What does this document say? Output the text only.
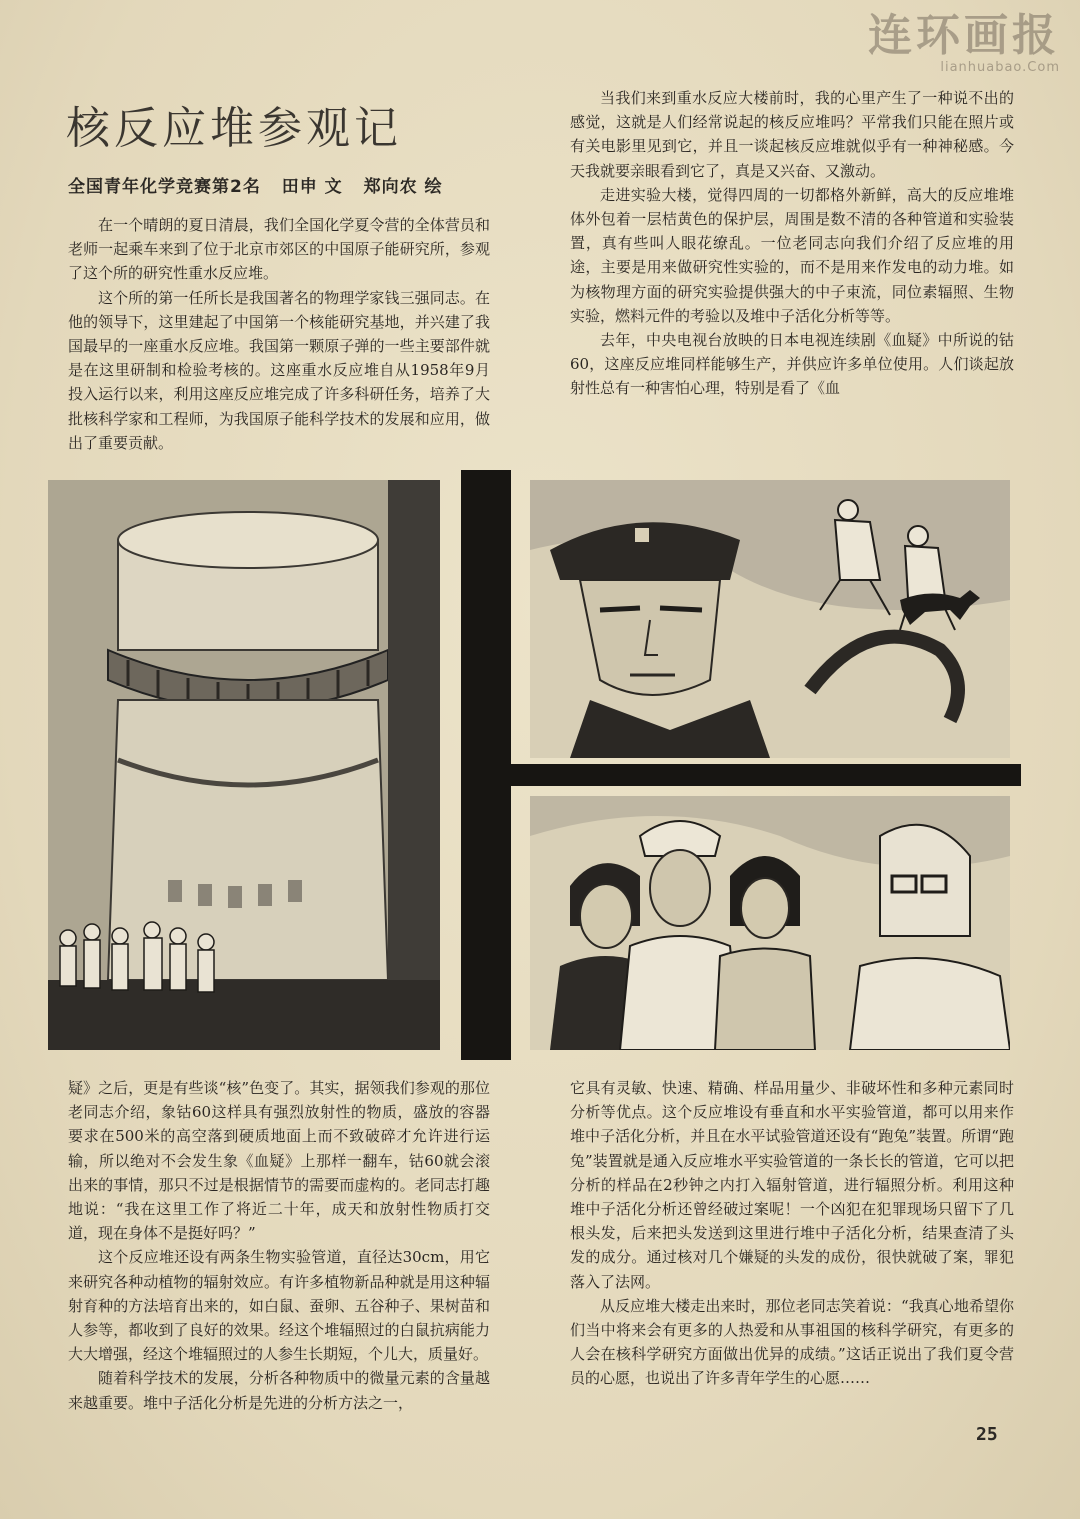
连环画报
lianhuabao.Com
核反应堆参观记
全国青年化学竞赛第2名 田申 文 郑向农 绘

在一个晴朗的夏日清晨，我们全国化学夏令营的全体营员和老师一起乘车来到了位于北京市郊区的中国原子能研究所，参观了这个所的研究性重水反应堆。

这个所的第一任所长是我国著名的物理学家钱三强同志。在他的领导下，这里建起了中国第一个核能研究基地，并兴建了我国最早的一座重水反应堆。我国第一颗原子弹的一些主要部件就是在这里研制和检验考核的。这座重水反应堆自从1958年9月投入运行以来，利用这座反应堆完成了许多科研任务，培养了大批核科学家和工程师，为我国原子能科学技术的发展和应用，做出了重要贡献。

当我们来到重水反应大楼前时，我的心里产生了一种说不出的感觉，这就是人们经常说起的核反应堆吗？平常我们只能在照片或有关电影里见到它，并且一谈起核反应堆就似乎有一种神秘感。今天我就要亲眼看到它了，真是又兴奋、又激动。

走进实验大楼，觉得四周的一切都格外新鲜，高大的反应堆堆体外包着一层桔黄色的保护层，周围是数不清的各种管道和实验装置，真有些叫人眼花缭乱。一位老同志向我们介绍了反应堆的用途，主要是用来做研究性实验的，而不是用来作发电的动力堆。如为核物理方面的研究实验提供强大的中子束流，同位素辐照、生物实验，燃料元件的考验以及堆中子活化分析等等。

去年，中央电视台放映的日本电视连续剧《血疑》中所说的钴60，这座反应堆同样能够生产，并供应许多单位使用。人们谈起放射性总有一种害怕心理，特别是看了《血

疑》之后，更是有些谈“核”色变了。其实，据领我们参观的那位老同志介绍，象钴60这样具有强烈放射性的物质，盛放的容器要求在500米的高空落到硬质地面上而不致破碎才允许进行运输，所以绝对不会发生象《血疑》上那样一翻车，钴60就会滚出来的事情，那只不过是根据情节的需要而虚构的。老同志打趣地说：“我在这里工作了将近二十年，成天和放射性物质打交道，现在身体不是挺好吗？”

这个反应堆还设有两条生物实验管道，直径达30cm，用它来研究各种动植物的辐射效应。有许多植物新品种就是用这种辐射育种的方法培育出来的，如白鼠、蚕卵、五谷种子、果树苗和人参等，都收到了良好的效果。经这个堆辐照过的白鼠抗病能力大大增强，经这个堆辐照过的人参生长期短，个儿大，质量好。

随着科学技术的发展，分析各种物质中的微量元素的含量越来越重要。堆中子活化分析是先进的分析方法之一，

它具有灵敏、快速、精确、样品用量少、非破坏性和多种元素同时分析等优点。这个反应堆设有垂直和水平实验管道，都可以用来作堆中子活化分析，并且在水平试验管道还设有“跑兔”装置。所谓“跑兔”装置就是通入反应堆水平实验管道的一条长长的管道，它可以把分析的样品在2秒钟之内打入辐射管道，进行辐照分析。利用这种堆中子活化分析还曾经破过案呢！一个凶犯在犯罪现场只留下了几根头发，后来把头发送到这里进行堆中子活化分析，结果查清了头发的成分。通过核对几个嫌疑的头发的成份，很快就破了案，罪犯落入了法网。

从反应堆大楼走出来时，那位老同志笑着说：“我真心地希望你们当中将来会有更多的人热爱和从事祖国的核科学研究，有更多的人会在核科学研究方面做出优异的成绩。”这话正说出了我们夏令营员的心愿，也说出了许多青年学生的心愿……

25
